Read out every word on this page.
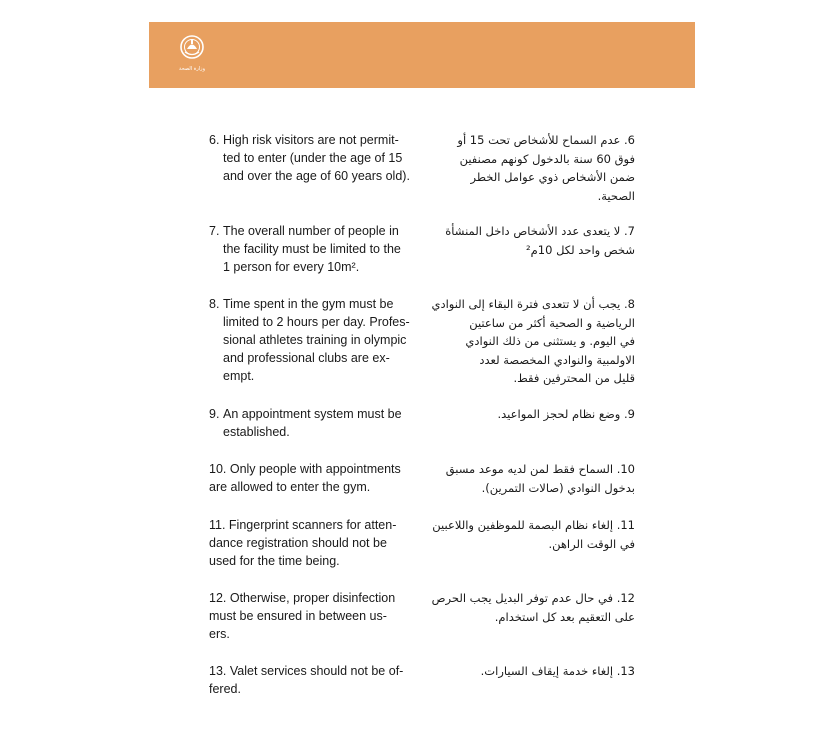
وزارة الصحة
6. High risk visitors are not permit-
ted to enter (under the age of 15
and over the age of 60 years old).
6. عدم السماح للأشخاص تحت 15 أو
فوق 60 سنة بالدخول كونهم مصنفين
ضمن الأشخاص ذوي عوامل الخطر
الصحية.
7. The overall number of people in
the facility must be limited to the
1 person for every 10m².
7. لا يتعدى عدد الأشخاص داخل المنشأة
شخص واحد لكل 10م²
8. Time spent in the gym must be
limited to 2 hours per day. Profes-
sional athletes training in olympic
and professional clubs are ex-
empt.
8. يجب أن لا تتعدى فترة البقاء إلى النوادي
الرياضية و الصحية أكثر من ساعتين
في اليوم. و يستثنى من ذلك النوادي
الاولمبية والنوادي المخصصة لعدد
قليل من المحترفين فقط.
9. An appointment system must be
established.
9. وضع نظام لحجز المواعيد.
10. Only people with appointments
are allowed to enter the gym.
10. السماح فقط لمن لديه موعد مسبق
بدخول النوادي (صالات التمرين).
11. Fingerprint scanners for atten-
dance registration should not be
used for the time being.
11. إلغاء نظام البصمة للموظفين واللاعبين
في الوقت الراهن.
12. Otherwise, proper disinfection
must be ensured in between us-
ers.
12. في حال عدم توفر البديل يجب الحرص
على التعقيم بعد كل استخدام.
13. Valet services should not be of-
fered.
13. إلغاء خدمة إيقاف السيارات.
